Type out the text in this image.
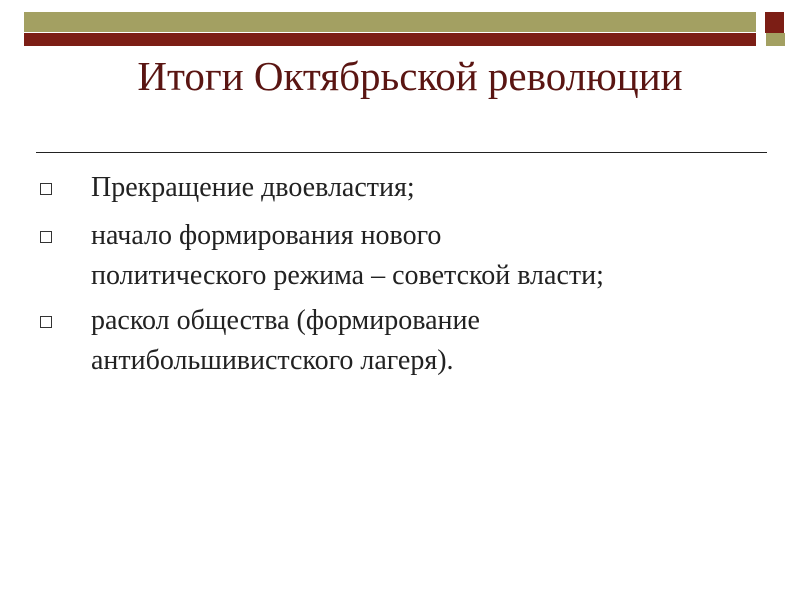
Итоги Октябрьской революции
Прекращение двоевластия;
начало формирования нового
политического режима – советской власти;
раскол общества (формирование
антибольшивистского лагеря).
